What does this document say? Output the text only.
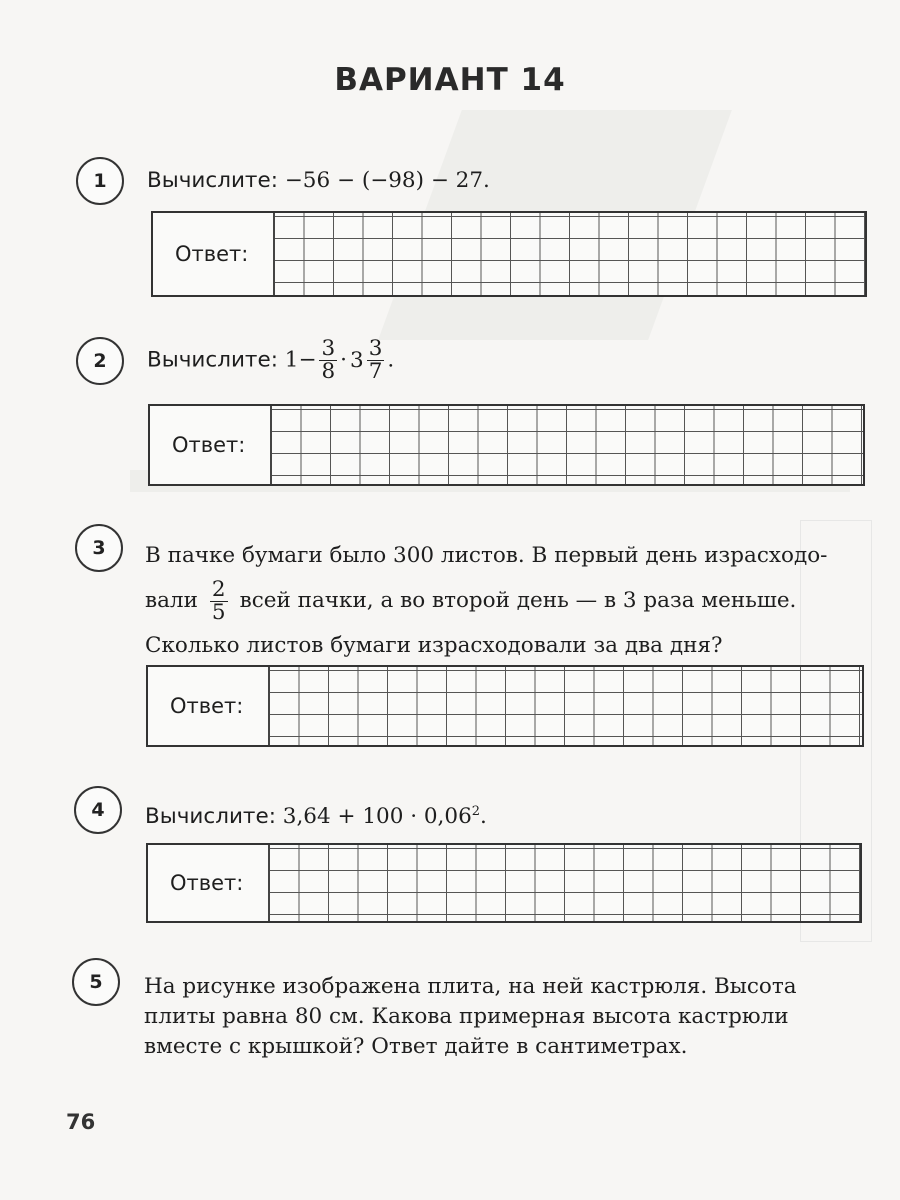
ВАРИАНТ 14
1	Вычислите: −56 − (−98) − 27.
Ответ:
2	Вычислите: $1- \frac{3}{8} \cdot 3 \frac{3}{7}$ .
Ответ:
3	В пачке бумаги было 300 листов. В первый день израсходо-
вали $\frac{2}{5}$ всей пачки, а во второй день — в 3 раза меньше.
Сколько листов бумаги израсходовали за два дня?
Ответ:
4	Вычислите: $3,64 + 100 \cdot 0,06^2$.
Ответ:
5	На рисунке изображена плита, на ней кастрюля. Высота
плиты равна 80 см. Какова примерная высота кастрюли
вместе с крышкой? Ответ дайте в сантиметрах.
76
